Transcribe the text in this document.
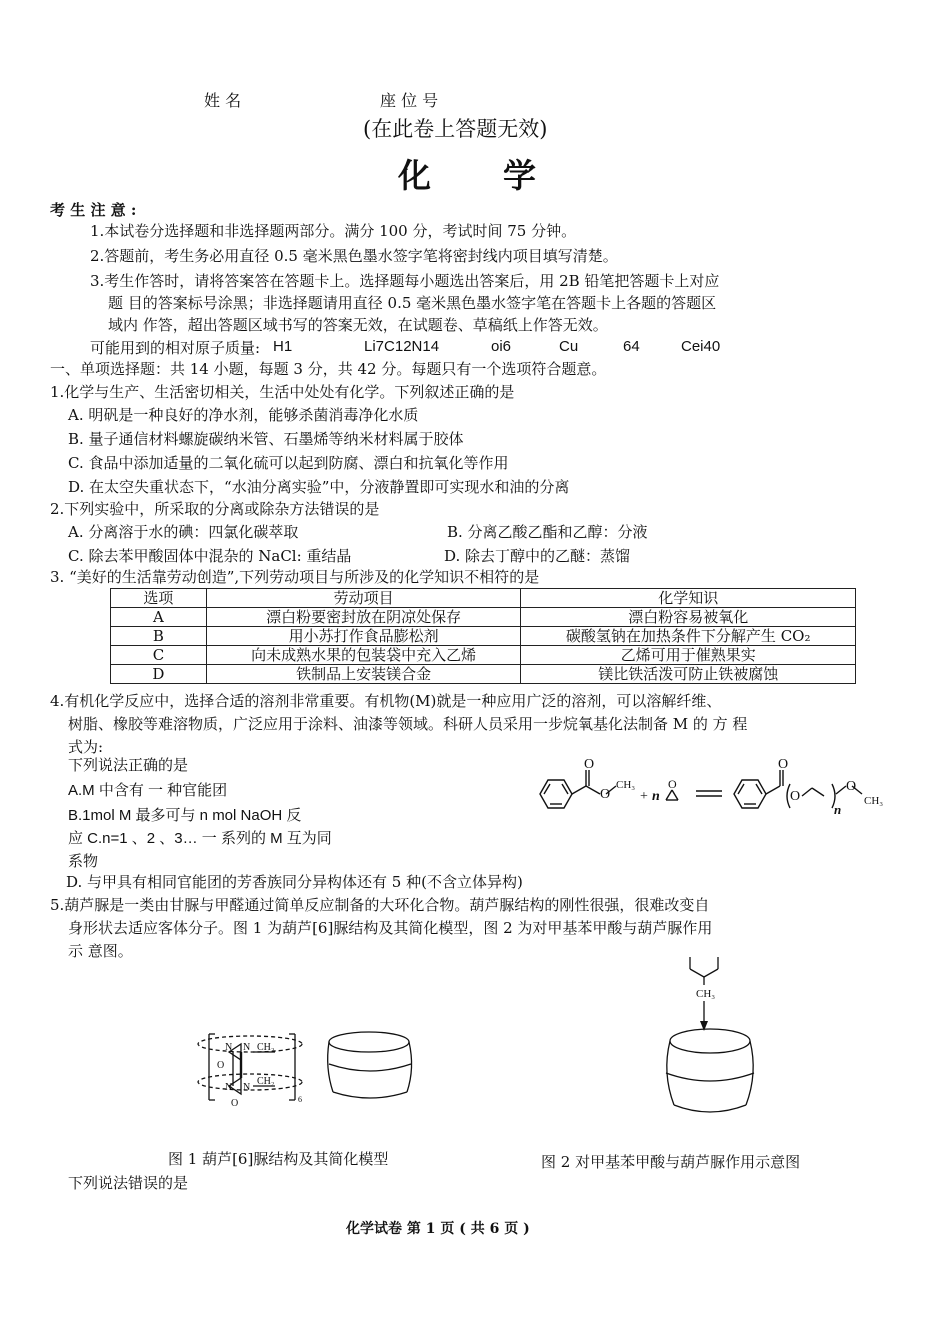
姓 名	座 位 号
(在此卷上答题无效)
化　　学
考 生 注 意 :
1.本试卷分选择题和非选择题两部分。满分 100 分，考试时间 75 分钟。
2.答题前，考生务必用直径 0.5 毫米黑色墨水签字笔将密封线内项目填写清楚。
3.考生作答时，请将答案答在答题卡上。选择题每小题选出答案后，用 2B 铅笔把答题卡上对应
题 目的答案标号涂黑；非选择题请用直径 0.5 毫米黑色墨水签字笔在答题卡上各题的答题区
域内 作答，超出答题区域书写的答案无效，在试题卷、草稿纸上作答无效。
可能用到的相对原子质量: H1	Li7C12N14	oi6	Cu	64	Cei40
一、单项选择题：共 14 小题，每题 3 分，共 42 分。每题只有一个选项符合题意。
1.化学与生产、生活密切相关，生活中处处有化学。下列叙述正确的是
A. 明矾是一种良好的净水剂，能够杀菌消毒净化水质
B. 量子通信材料螺旋碳纳米管、石墨烯等纳米材料属于胶体
C. 食品中添加适量的二氧化硫可以起到防腐、漂白和抗氧化等作用
D. 在太空失重状态下，“水油分离实验”中，分液静置即可实现水和油的分离
2.下列实验中，所采取的分离或除杂方法错误的是
A. 分离溶于水的碘：四氯化碳萃取	B. 分离乙酸乙酯和乙醇：分液
C. 除去苯甲酸固体中混杂的 NaCl: 重结晶	D. 除去丁醇中的乙醚：蒸馏
3. “美好的生活靠劳动创造”,下列劳动项目与所涉及的化学知识不相符的是
选项	劳动项目	化学知识
A	漂白粉要密封放在阴凉处保存	漂白粉容易被氧化
B	用小苏打作食品膨松剂	碳酸氢钠在加热条件下分解产生 CO₂
C	向未成熟水果的包装袋中充入乙烯	乙烯可用于催熟果实
D	铁制品上安装镁合金	镁比铁活泼可防止铁被腐蚀
4.有机化学反应中，选择合适的溶剂非常重要。有机物(M)就是一种应用广泛的溶剂，可以溶解纤维、
树脂、橡胶等难溶物质，广泛应用于涂料、油漆等领域。科研人员采用一步烷氧基化法制备 M 的 方 程
式为:
下列说法正确的是
A.M 中含有 一 种官能团
B.1mol M 最多可与 n mol NaOH 反
应 C.n=1 、2 、3… 一 系列的 M 互为同
系物
D. 与甲具有相同官能团的芳香族同分异构体还有 5 种(不含立体异构)
O
O
CH₃
+ n
O
O
O
n
O
CH₃
5.葫芦脲是一类由甘脲与甲醛通过简单反应制备的大环化合物。葫芦脲结构的刚性很强，很难改变自
身形状去适应客体分子。图 1 为葫芦[6]脲结构及其简化模型，图 2 为对甲基苯甲酸与葫芦脲作用
示 意图。
N N
N N
O
O
CH₂
CH₂
6
CH₃
图 1 葫芦[6]脲结构及其简化模型	图 2 对甲基苯甲酸与葫芦脲作用示意图
下列说法错误的是
化学试卷 第 1 页 ( 共 6 页 )
